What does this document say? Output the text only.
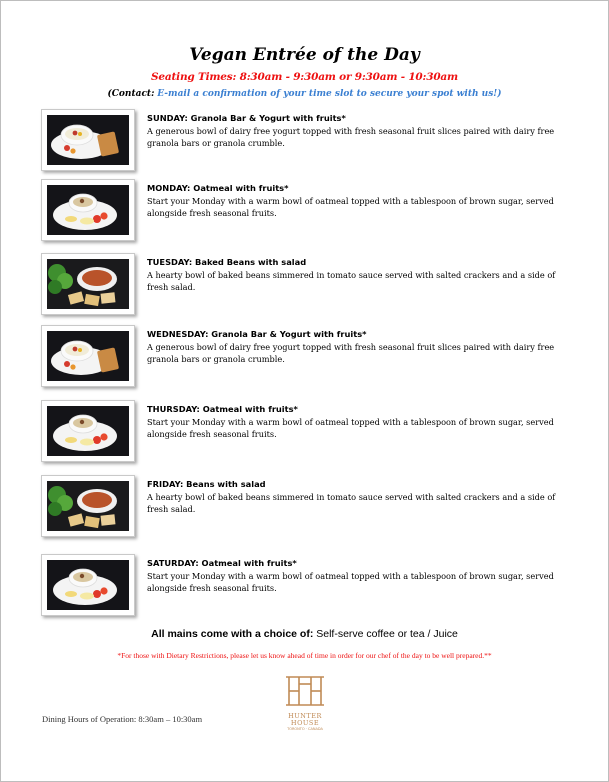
Vegan Entrée of the Day
Seating Times: 8:30am - 9:30am or 9:30am - 10:30am
(Contact: E-mail a confirmation of your time slot to secure your spot with us!)
SUNDAY: Granola Bar & Yogurt with fruits*
A generous bowl of dairy free yogurt topped with fresh seasonal fruit slices paired with dairy free granola bars or granola crumble.
MONDAY: Oatmeal with fruits*
Start your Monday with a warm bowl of oatmeal topped with a tablespoon of brown sugar, served alongside fresh seasonal fruits.
TUESDAY: Baked Beans with salad
A hearty bowl of baked beans simmered in tomato sauce served with salted crackers and a side of fresh salad.
WEDNESDAY: Granola Bar & Yogurt with fruits*
A generous bowl of dairy free yogurt topped with fresh seasonal fruit slices paired with dairy free granola bars or granola crumble.
THURSDAY: Oatmeal with fruits*
Start your Monday with a warm bowl of oatmeal topped with a tablespoon of brown sugar, served alongside fresh seasonal fruits.
FRIDAY: Beans with salad
A hearty bowl of baked beans simmered in tomato sauce served with salted crackers and a side of fresh salad.
SATURDAY: Oatmeal with fruits*
Start your Monday with a warm bowl of oatmeal topped with a tablespoon of brown sugar, served alongside fresh seasonal fruits.
All mains come with a choice of: Self-serve coffee or tea / Juice
*For those with Dietary Restrictions, please let us know ahead of time in order for our chef of the day to be well prepared.**
Dining Hours of Operation: 8:30am – 10:30am	HUNTER
HOUSE
TORONTO · CANADA
